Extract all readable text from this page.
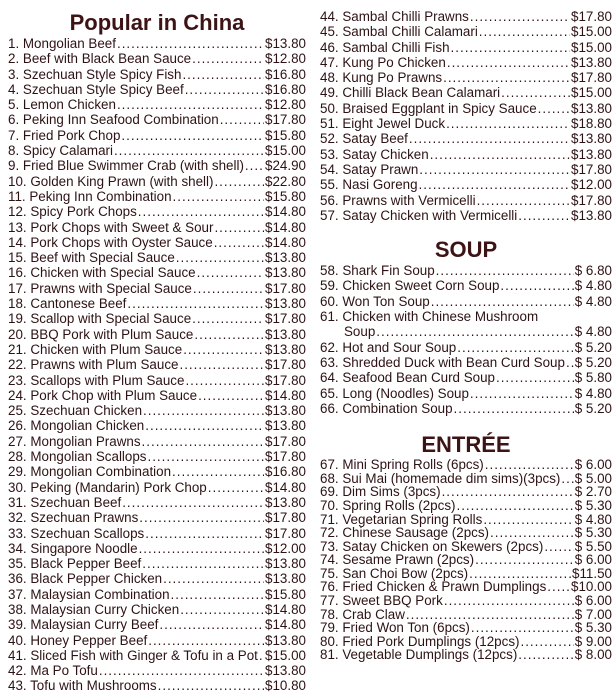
Popular in China
1. Mongolian Beef .....	$13.80
2. Beef with Black Bean Sauce .....	$12.80
3. Szechuan Style Spicy Fish .....	$16.80
4. Szechuan Style Spicy Beef .....	$16.80
5. Lemon Chicken .....	$12.80
6. Peking Inn Seafood Combination .....	$17.80
7. Fried Pork Chop .....	$15.80
8. Spicy Calamari .....	$15.00
9. Fried Blue Swimmer Crab (with shell) ..... $24.90
10. Golden King Prawn (with shell) .....	$22.80
11. Peking Inn Combination .....	$15.80
12. Spicy Pork Chops .....	$14.80
13. Pork Chops with Sweet & Sour .....	$14.80
14. Pork Chops with Oyster Sauce .....	$14.80
15. Beef with Special Sauce .....	$13.80
16. Chicken with Special Sauce .....	$13.80
17. Prawns with Special Sauce .....	$17.80
18. Cantonese Beef .....	$13.80
19. Scallop with Special Sauce .....	$17.80
20. BBQ Pork with Plum Sauce .....	$13.80
21. Chicken with Plum Sauce .....	$13.80
22. Prawns with Plum Sauce .....	$17.80
23. Scallops with Plum Sauce .....	$17.80
24. Pork Chop with Plum Sauce .....	$14.80
25. Szechuan Chicken .....	$13.80
26. Mongolian Chicken .....	$13.80
27. Mongolian Prawns .....	$17.80
28. Mongolian Scallops .....	$17.80
29. Mongolian Combination .....	$16.80
30. Peking (Mandarin) Pork Chop .....	$14.80
31. Szechuan Beef .....	$13.80
32. Szechuan Prawns .....	$17.80
33. Szechuan Scallops .....	$17.80
34. Singapore Noodle .....	$12.00
35. Black Pepper Beef .....	$13.80
36. Black Pepper Chicken .....	$13.80
37. Malaysian Combination .....	$15.80
38. Malaysian Curry Chicken .....	$14.80
39. Malaysian Curry Beef .....	$14.80
40. Honey Pepper Beef .....	$13.80
41. Sliced Fish with Ginger & Tofu in a Pot ..... $15.00
42. Ma Po Tofu .....	$13.80
43. Tofu with Mushrooms .....	$10.80
44. Sambal Chilli Prawns .....	$17.80
45. Sambal Chilli Calamari .....	$15.00
46. Sambal Chilli Fish .....	$15.00
47. Kung Po Chicken .....	$13.80
48. Kung Po Prawns .....	$17.80
49. Chilli Black Bean Calamari .....	$15.00
50. Braised Eggplant in Spicy Sauce .....	$13.80
51. Eight Jewel Duck .....	$18.80
52. Satay Beef .....	$13.80
53. Satay Chicken .....	$13.80
54. Satay Prawn .....	$17.80
55. Nasi Goreng .....	$12.00
56. Prawns with Vermicelli .....	$17.80
57. Satay Chicken with Vermicelli .....	$13.80
SOUP
58. Shark Fin Soup .....	$ 6.80
59. Chicken Sweet Corn Soup .....	$ 4.80
60. Won Ton Soup .....	$ 4.80
61. Chicken with Chinese Mushroom
Soup .....	$ 4.80
62. Hot and Sour Soup .....	$ 5.20
63. Shredded Duck with Bean Curd Soup ..... $ 5.20
64. Seafood Bean Curd Soup .....	$ 5.80
65. Long (Noodles) Soup .....	$ 4.80
66. Combination Soup .....	$ 5.20
ENTRÉE
67. Mini Spring Rolls (6pcs) .....	$ 6.00
68. Sui Mai (homemade dim sims)(3pcs) ..... $ 5.00
69. Dim Sims (3pcs) .....	$ 2.70
70. Spring Rolls (2pcs) .....	$ 5.30
71. Vegetarian Spring Rolls .....	$ 4.80
72. Chinese Sausage (2pcs) .....	$ 5.30
73. Satay Chicken on Skewers (2pcs) ..... $ 5.50
74. Sesame Prawn (2pcs) .....	$ 6.00
75. San Choi Bow (2pcs) .....	$11.50
76. Fried Chicken & Prawn Dumplings ..... $10.00
77. Sweet BBQ Pork .....	$ 6.00
78. Crab Claw .....	$ 7.00
79. Fried Won Ton (6pcs) .....	$ 5.30
80. Fried Pork Dumplings (12pcs) .....	$ 9.00
81. Vegetable Dumplings (12pcs) .....	$ 8.00
